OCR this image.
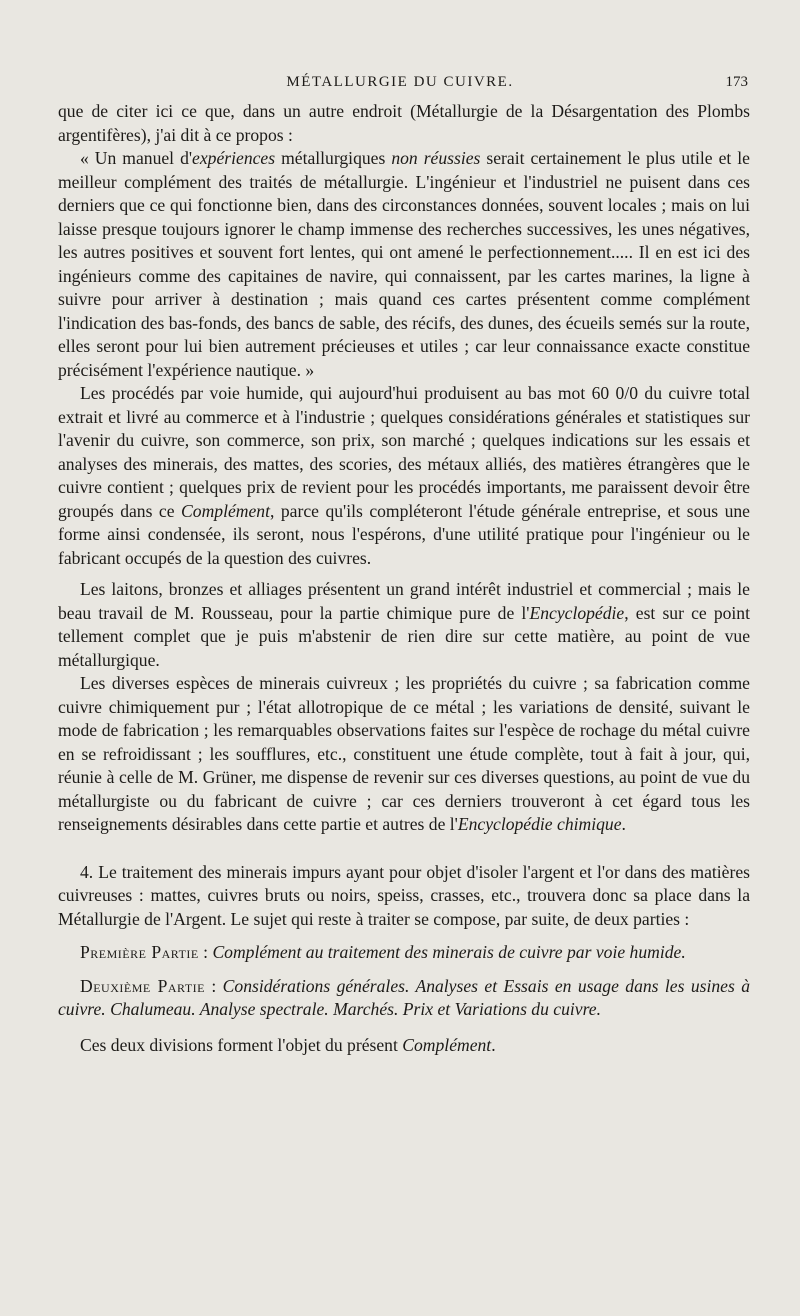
MÉTALLURGIE DU CUIVRE.	173

que de citer ici ce que, dans un autre endroit (Métallurgie de la Désargentation des Plombs argentifères), j'ai dit à ce propos :

« Un manuel d'expériences métallurgiques non réussies serait certainement le plus utile et le meilleur complément des traités de métallurgie. L'ingénieur et l'industriel ne puisent dans ces derniers que ce qui fonctionne bien, dans des circonstances données, souvent locales ; mais on lui laisse presque toujours ignorer le champ immense des recherches successives, les unes négatives, les autres positives et souvent fort lentes, qui ont amené le perfectionnement..... Il en est ici des ingénieurs comme des capitaines de navire, qui connaissent, par les cartes marines, la ligne à suivre pour arriver à destination ; mais quand ces cartes présentent comme complément l'indication des bas-fonds, des bancs de sable, des récifs, des dunes, des écueils semés sur la route, elles seront pour lui bien autrement précieuses et utiles ; car leur connaissance exacte constitue précisément l'expérience nautique. »

Les procédés par voie humide, qui aujourd'hui produisent au bas mot 60 0/0 du cuivre total extrait et livré au commerce et à l'industrie ; quelques considérations générales et statistiques sur l'avenir du cuivre, son commerce, son prix, son marché ; quelques indications sur les essais et analyses des minerais, des mattes, des scories, des métaux alliés, des matières étrangères que le cuivre contient ; quelques prix de revient pour les procédés importants, me paraissent devoir être groupés dans ce Complément, parce qu'ils compléteront l'étude générale entreprise, et sous une forme ainsi condensée, ils seront, nous l'espérons, d'une utilité pratique pour l'ingénieur ou le fabricant occupés de la question des cuivres.

Les laitons, bronzes et alliages présentent un grand intérêt industriel et commercial ; mais le beau travail de M. Rousseau, pour la partie chimique pure de l'Encyclopédie, est sur ce point tellement complet que je puis m'abstenir de rien dire sur cette matière, au point de vue métallurgique.

Les diverses espèces de minerais cuivreux ; les propriétés du cuivre ; sa fabrication comme cuivre chimiquement pur ; l'état allotropique de ce métal ; les variations de densité, suivant le mode de fabrication ; les remarquables observations faites sur l'espèce de rochage du métal cuivre en se refroidissant ; les soufflures, etc., constituent une étude complète, tout à fait à jour, qui, réunie à celle de M. Grüner, me dispense de revenir sur ces diverses questions, au point de vue du métallurgiste ou du fabricant de cuivre ; car ces derniers trouveront à cet égard tous les renseignements désirables dans cette partie et autres de l'Encyclopédie chimique.

4. Le traitement des minerais impurs ayant pour objet d'isoler l'argent et l'or dans des matières cuivreuses : mattes, cuivres bruts ou noirs, speiss, crasses, etc., trouvera donc sa place dans la Métallurgie de l'Argent. Le sujet qui reste à traiter se compose, par suite, de deux parties :

Première Partie : Complément au traitement des minerais de cuivre par voie humide.

Deuxième Partie : Considérations générales. Analyses et Essais en usage dans les usines à cuivre. Chalumeau. Analyse spectrale. Marchés. Prix et Variations du cuivre.

Ces deux divisions forment l'objet du présent Complément.
